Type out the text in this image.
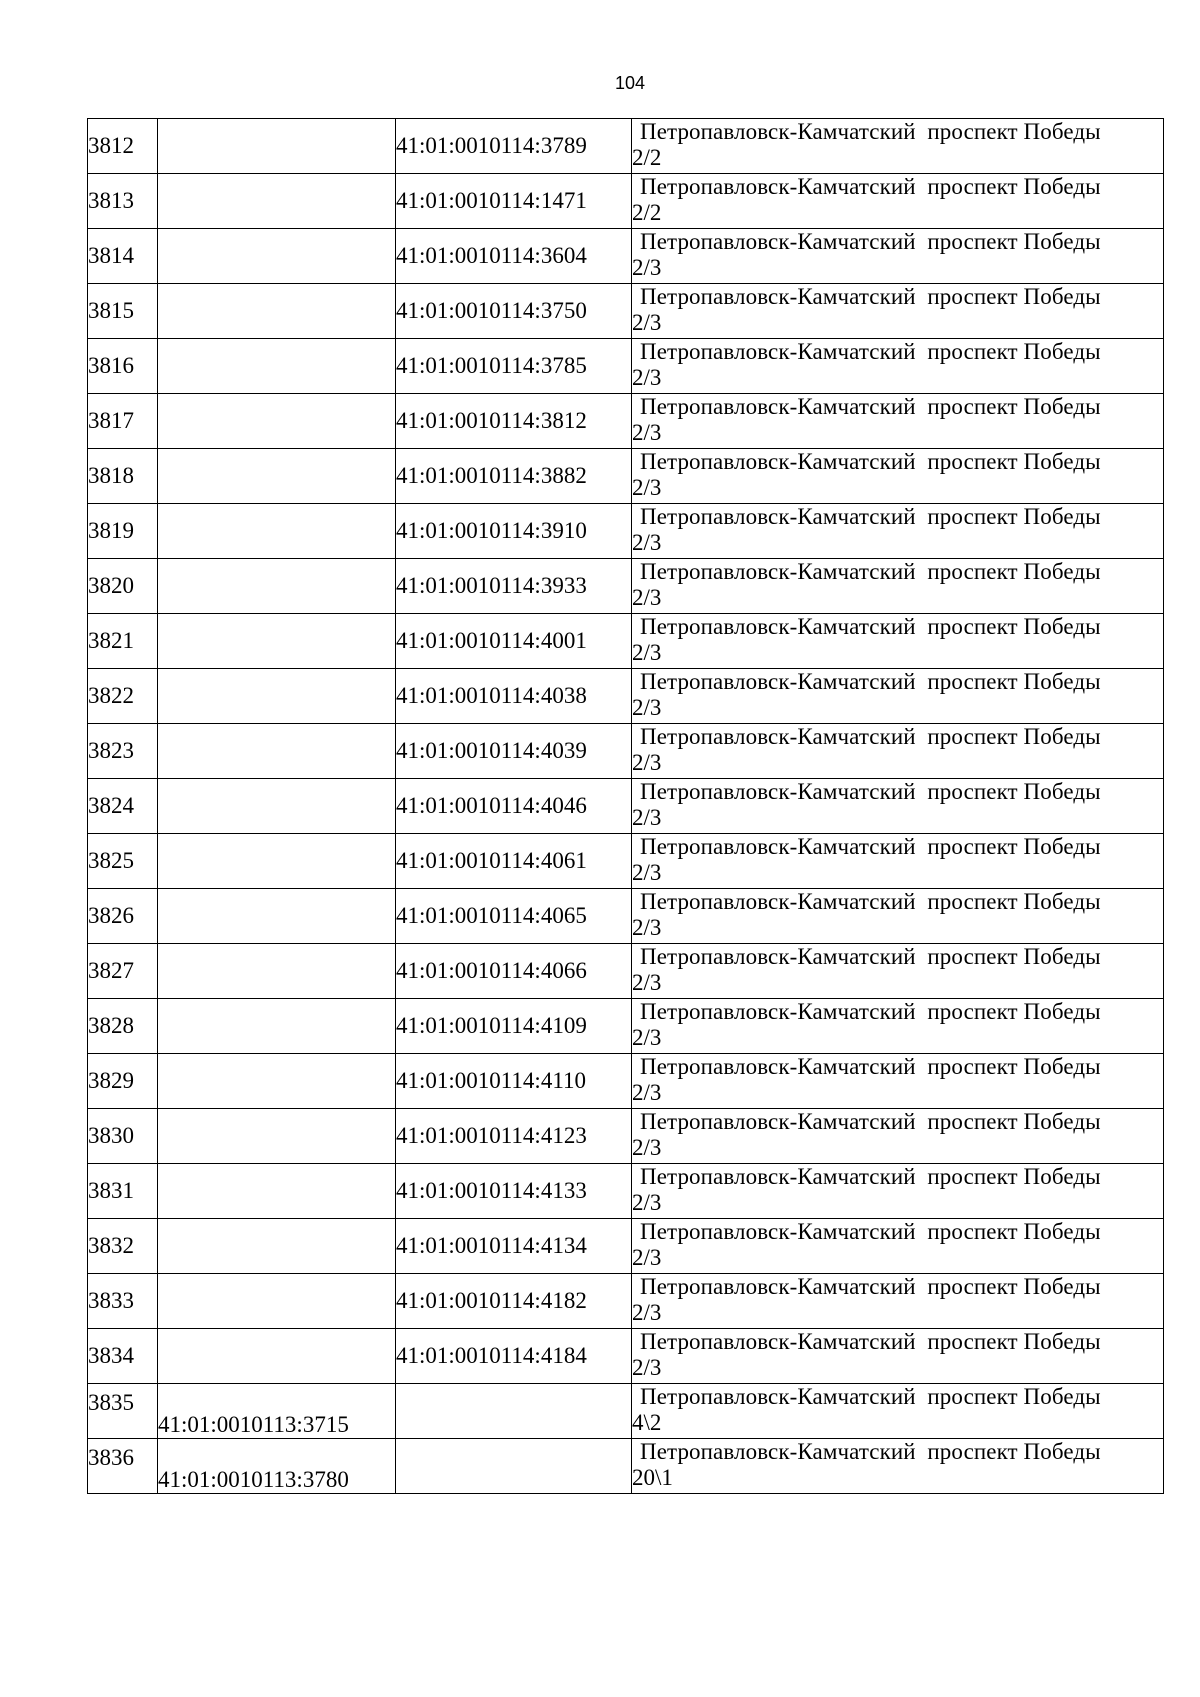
104
3812		41:01:0010114:3789	Петропавловск-Камчатский  проспект Победы
2/2

3813		41:01:0010114:1471	Петропавловск-Камчатский  проспект Победы
2/2

3814		41:01:0010114:3604	Петропавловск-Камчатский  проспект Победы
2/3

3815		41:01:0010114:3750	Петропавловск-Камчатский  проспект Победы
2/3

3816		41:01:0010114:3785	Петропавловск-Камчатский  проспект Победы
2/3

3817		41:01:0010114:3812	Петропавловск-Камчатский  проспект Победы
2/3

3818		41:01:0010114:3882	Петропавловск-Камчатский  проспект Победы
2/3

3819		41:01:0010114:3910	Петропавловск-Камчатский  проспект Победы
2/3

3820		41:01:0010114:3933	Петропавловск-Камчатский  проспект Победы
2/3

3821		41:01:0010114:4001	Петропавловск-Камчатский  проспект Победы
2/3

3822		41:01:0010114:4038	Петропавловск-Камчатский  проспект Победы
2/3

3823		41:01:0010114:4039	Петропавловск-Камчатский  проспект Победы
2/3

3824		41:01:0010114:4046	Петропавловск-Камчатский  проспект Победы
2/3

3825		41:01:0010114:4061	Петропавловск-Камчатский  проспект Победы
2/3

3826		41:01:0010114:4065	Петропавловск-Камчатский  проспект Победы
2/3

3827		41:01:0010114:4066	Петропавловск-Камчатский  проспект Победы
2/3

3828		41:01:0010114:4109	Петропавловск-Камчатский  проспект Победы
2/3

3829		41:01:0010114:4110	Петропавловск-Камчатский  проспект Победы
2/3

3830		41:01:0010114:4123	Петропавловск-Камчатский  проспект Победы
2/3

3831		41:01:0010114:4133	Петропавловск-Камчатский  проспект Победы
2/3

3832		41:01:0010114:4134	Петропавловск-Камчатский  проспект Победы
2/3

3833		41:01:0010114:4182	Петропавловск-Камчатский  проспект Победы
2/3

3834		41:01:0010114:4184	Петропавловск-Камчатский  проспект Победы
2/3

3835	41:01:0010113:3715		Петропавловск-Камчатский  проспект Победы
4\2

3836	41:01:0010113:3780		Петропавловск-Камчатский  проспект Победы
20\1
